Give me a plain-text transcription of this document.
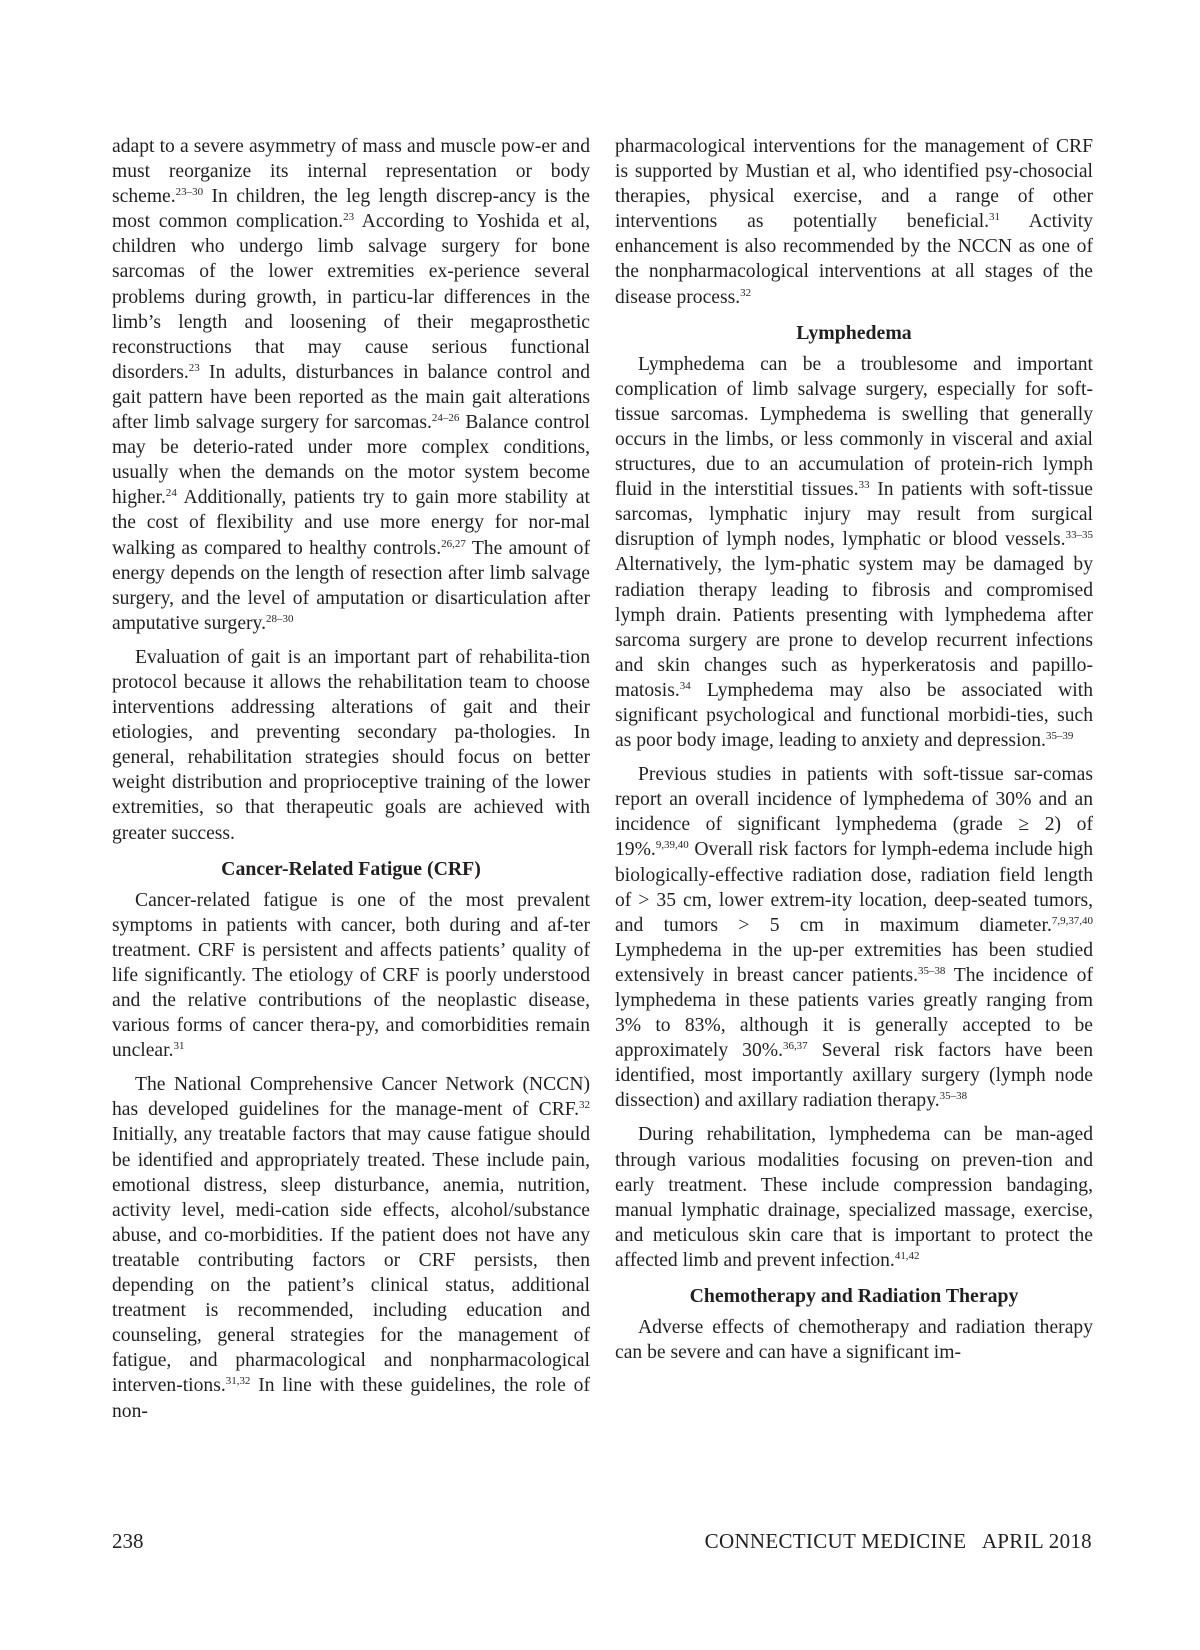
adapt to a severe asymmetry of mass and muscle pow-er and must reorganize its internal representation or body scheme.$^{23-30}$ In children, the leg length discrep-ancy is the most common complication.$^{23}$ According to Yoshida et al, children who undergo limb salvage surgery for bone sarcomas of the lower extremities ex-perience several problems during growth, in particu-lar differences in the limb’s length and loosening of their megaprosthetic reconstructions that may cause serious functional disorders.$^{23}$ In adults, disturbances in balance control and gait pattern have been reported as the main gait alterations after limb salvage surgery for sarcomas.$^{24-26}$ Balance control may be deterio-rated under more complex conditions, usually when the demands on the motor system become higher.$^{24}$ Additionally, patients try to gain more stability at the cost of flexibility and use more energy for nor-mal walking as compared to healthy controls.$^{26,27}$ The amount of energy depends on the length of resection after limb salvage surgery, and the level of amputation or disarticulation after amputative surgery.$^{28-30}$

Evaluation of gait is an important part of rehabilita-tion protocol because it allows the rehabilitation team to choose interventions addressing alterations of gait and their etiologies, and preventing secondary pa-thologies. In general, rehabilitation strategies should focus on better weight distribution and proprioceptive training of the lower extremities, so that therapeutic goals are achieved with greater success.

Cancer-Related Fatigue (CRF)

Cancer-related fatigue is one of the most prevalent symptoms in patients with cancer, both during and af-ter treatment. CRF is persistent and affects patients’ quality of life significantly. The etiology of CRF is poorly understood and the relative contributions of the neoplastic disease, various forms of cancer thera-py, and comorbidities remain unclear.$^{31}$

The National Comprehensive Cancer Network (NCCN) has developed guidelines for the manage-ment of CRF.$^{32}$ Initially, any treatable factors that may cause fatigue should be identified and appropriately treated. These include pain, emotional distress, sleep disturbance, anemia, nutrition, activity level, medi-cation side effects, alcohol/substance abuse, and co-morbidities. If the patient does not have any treatable contributing factors or CRF persists, then depending on the patient’s clinical status, additional treatment is recommended, including education and counseling, general strategies for the management of fatigue, and pharmacological and nonpharmacological interven-tions.$^{31,32}$ In line with these guidelines, the role of non-

pharmacological interventions for the management of CRF is supported by Mustian et al, who identified psy-chosocial therapies, physical exercise, and a range of other interventions as potentially beneficial.$^{31}$ Activity enhancement is also recommended by the NCCN as one of the nonpharmacological interventions at all stages of the disease process.$^{32}$

Lymphedema

Lymphedema can be a troublesome and important complication of limb salvage surgery, especially for soft-tissue sarcomas. Lymphedema is swelling that generally occurs in the limbs, or less commonly in visceral and axial structures, due to an accumulation of protein-rich lymph fluid in the interstitial tissues.$^{33}$ In patients with soft-tissue sarcomas, lymphatic injury may result from surgical disruption of lymph nodes, lymphatic or blood vessels.$^{33-35}$ Alternatively, the lym-phatic system may be damaged by radiation therapy leading to fibrosis and compromised lymph drain. Patients presenting with lymphedema after sarcoma surgery are prone to develop recurrent infections and skin changes such as hyperkeratosis and papillo-matosis.$^{34}$ Lymphedema may also be associated with significant psychological and functional morbidi-ties, such as poor body image, leading to anxiety and depression.$^{35-39}$

Previous studies in patients with soft-tissue sar-comas report an overall incidence of lymphedema of 30% and an incidence of significant lymphedema (grade ≥ 2) of 19%.$^{9,39,40}$ Overall risk factors for lymph-edema include high biologically-effective radiation dose, radiation field length of > 35 cm, lower extrem-ity location, deep-seated tumors, and tumors > 5 cm in maximum diameter.$^{7,9,37,40}$ Lymphedema in the up-per extremities has been studied extensively in breast cancer patients.$^{35-38}$ The incidence of lymphedema in these patients varies greatly ranging from 3% to 83%, although it is generally accepted to be approximately 30%.$^{36,37}$ Several risk factors have been identified, most importantly axillary surgery (lymph node dissection) and axillary radiation therapy.$^{35-38}$

During rehabilitation, lymphedema can be man-aged through various modalities focusing on preven-tion and early treatment. These include compression bandaging, manual lymphatic drainage, specialized massage, exercise, and meticulous skin care that is important to protect the affected limb and prevent infection.$^{41,42}$

Chemotherapy and Radiation Therapy

Adverse effects of chemotherapy and radiation therapy can be severe and can have a significant im-

238	CONNECTICUT MEDICINE   APRIL 2018
